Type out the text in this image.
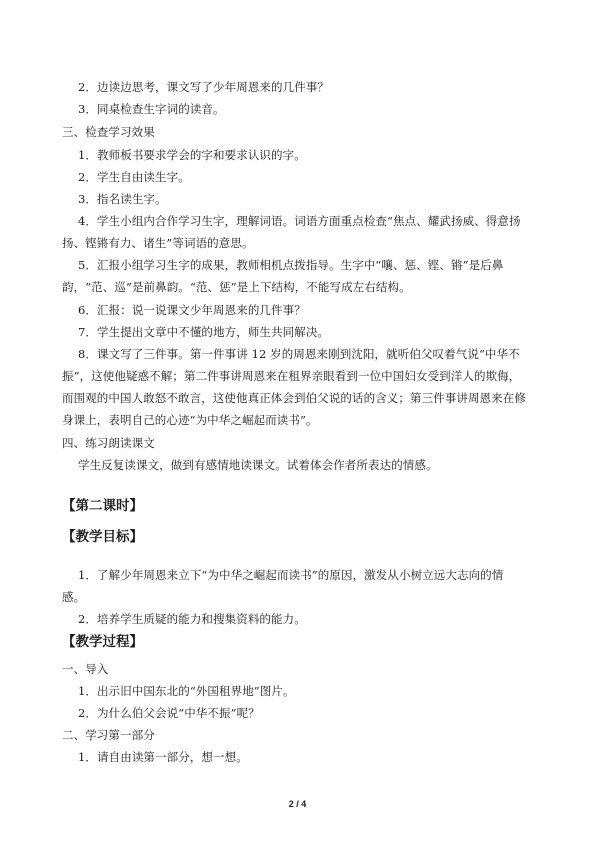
2．边读边思考，课文写了少年周恩来的几件事？
3．同桌检查生字词的读音。
三、检查学习效果
1．教师板书要求学会的字和要求认识的字。
2．学生自由读生字。
3．指名读生字。
4．学生小组内合作学习生字，理解词语。词语方面重点检查“焦点、耀武扬威、得意扬
扬、铿锵有力、诸生”等词语的意思。
5．汇报小组学习生字的成果，教师相机点拨指导。生字中“嚷、惩、铿、锵”是后鼻
韵，“范、巡”是前鼻韵。“范、惩”是上下结构，不能写成左右结构。
6．汇报：说一说课文少年周恩来的几件事？
7．学生提出文章中不懂的地方，师生共同解决。
8．课文写了三件事。第一件事讲 12 岁的周恩来刚到沈阳，就听伯父叹着气说“中华不
振”，这使他疑惑不解；第二件事讲周恩来在租界亲眼看到一位中国妇女受到洋人的欺侮，
而围观的中国人敢怒不敢言，这使他真正体会到伯父说的话的含义；第三件事讲周恩来在修
身课上，表明自己的心迹“为中华之崛起而读书”。
四、练习朗读课文
学生反复读课文，做到有感情地读课文。试着体会作者所表达的情感。
【第二课时】
【教学目标】
1．了解少年周恩来立下“为中华之崛起而读书”的原因，激发从小树立远大志向的情
感。
2．培养学生质疑的能力和搜集资料的能力。
【教学过程】
一、导入
1．出示旧中国东北的“外国租界地”图片。
2．为什么伯父会说“中华不振”呢？
二、学习第一部分
1．请自由读第一部分，想一想。
2 / 4
